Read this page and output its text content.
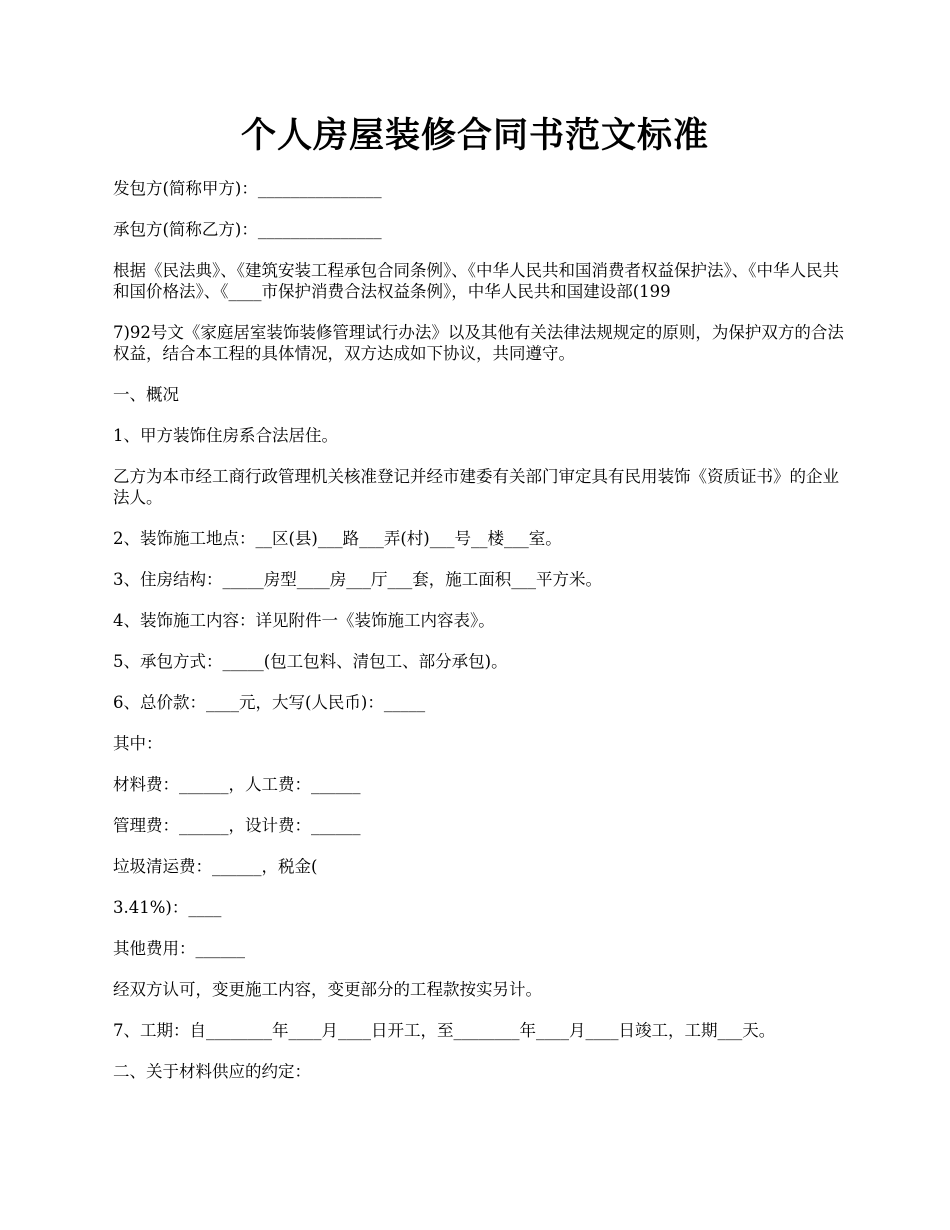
个人房屋装修合同书范文标准

发包方(简称甲方)：_______________

承包方(简称乙方)：_______________

根据《民法典》、《建筑安装工程承包合同条例》、《中华人民共和国消费者权益保护法》、《中华人民共和国价格法》、《____市保护消费合法权益条例》，中华人民共和国建设部(199

7)92号文《家庭居室装饰装修管理试行办法》以及其他有关法律法规规定的原则，为保护双方的合法权益，结合本工程的具体情况，双方达成如下协议，共同遵守。

一、概况

1、甲方装饰住房系合法居住。

乙方为本市经工商行政管理机关核准登记并经市建委有关部门审定具有民用装饰《资质证书》的企业法人。

2、装饰施工地点：__区(县)___路___弄(村)___号__楼___室。

3、住房结构：_____房型____房___厅___套，施工面积___平方米。

4、装饰施工内容：详见附件一《装饰施工内容表》。

5、承包方式：_____(包工包料、清包工、部分承包)。

6、总价款：____元，大写(人民币)：_____

其中：

材料费：______，人工费：______

管理费：______，设计费：______

垃圾清运费：______，税金(

3.41%)：____

其他费用：______

经双方认可，变更施工内容，变更部分的工程款按实另计。

7、工期：自________年____月____日开工，至________年____月____日竣工，工期___天。

二、关于材料供应的约定：
